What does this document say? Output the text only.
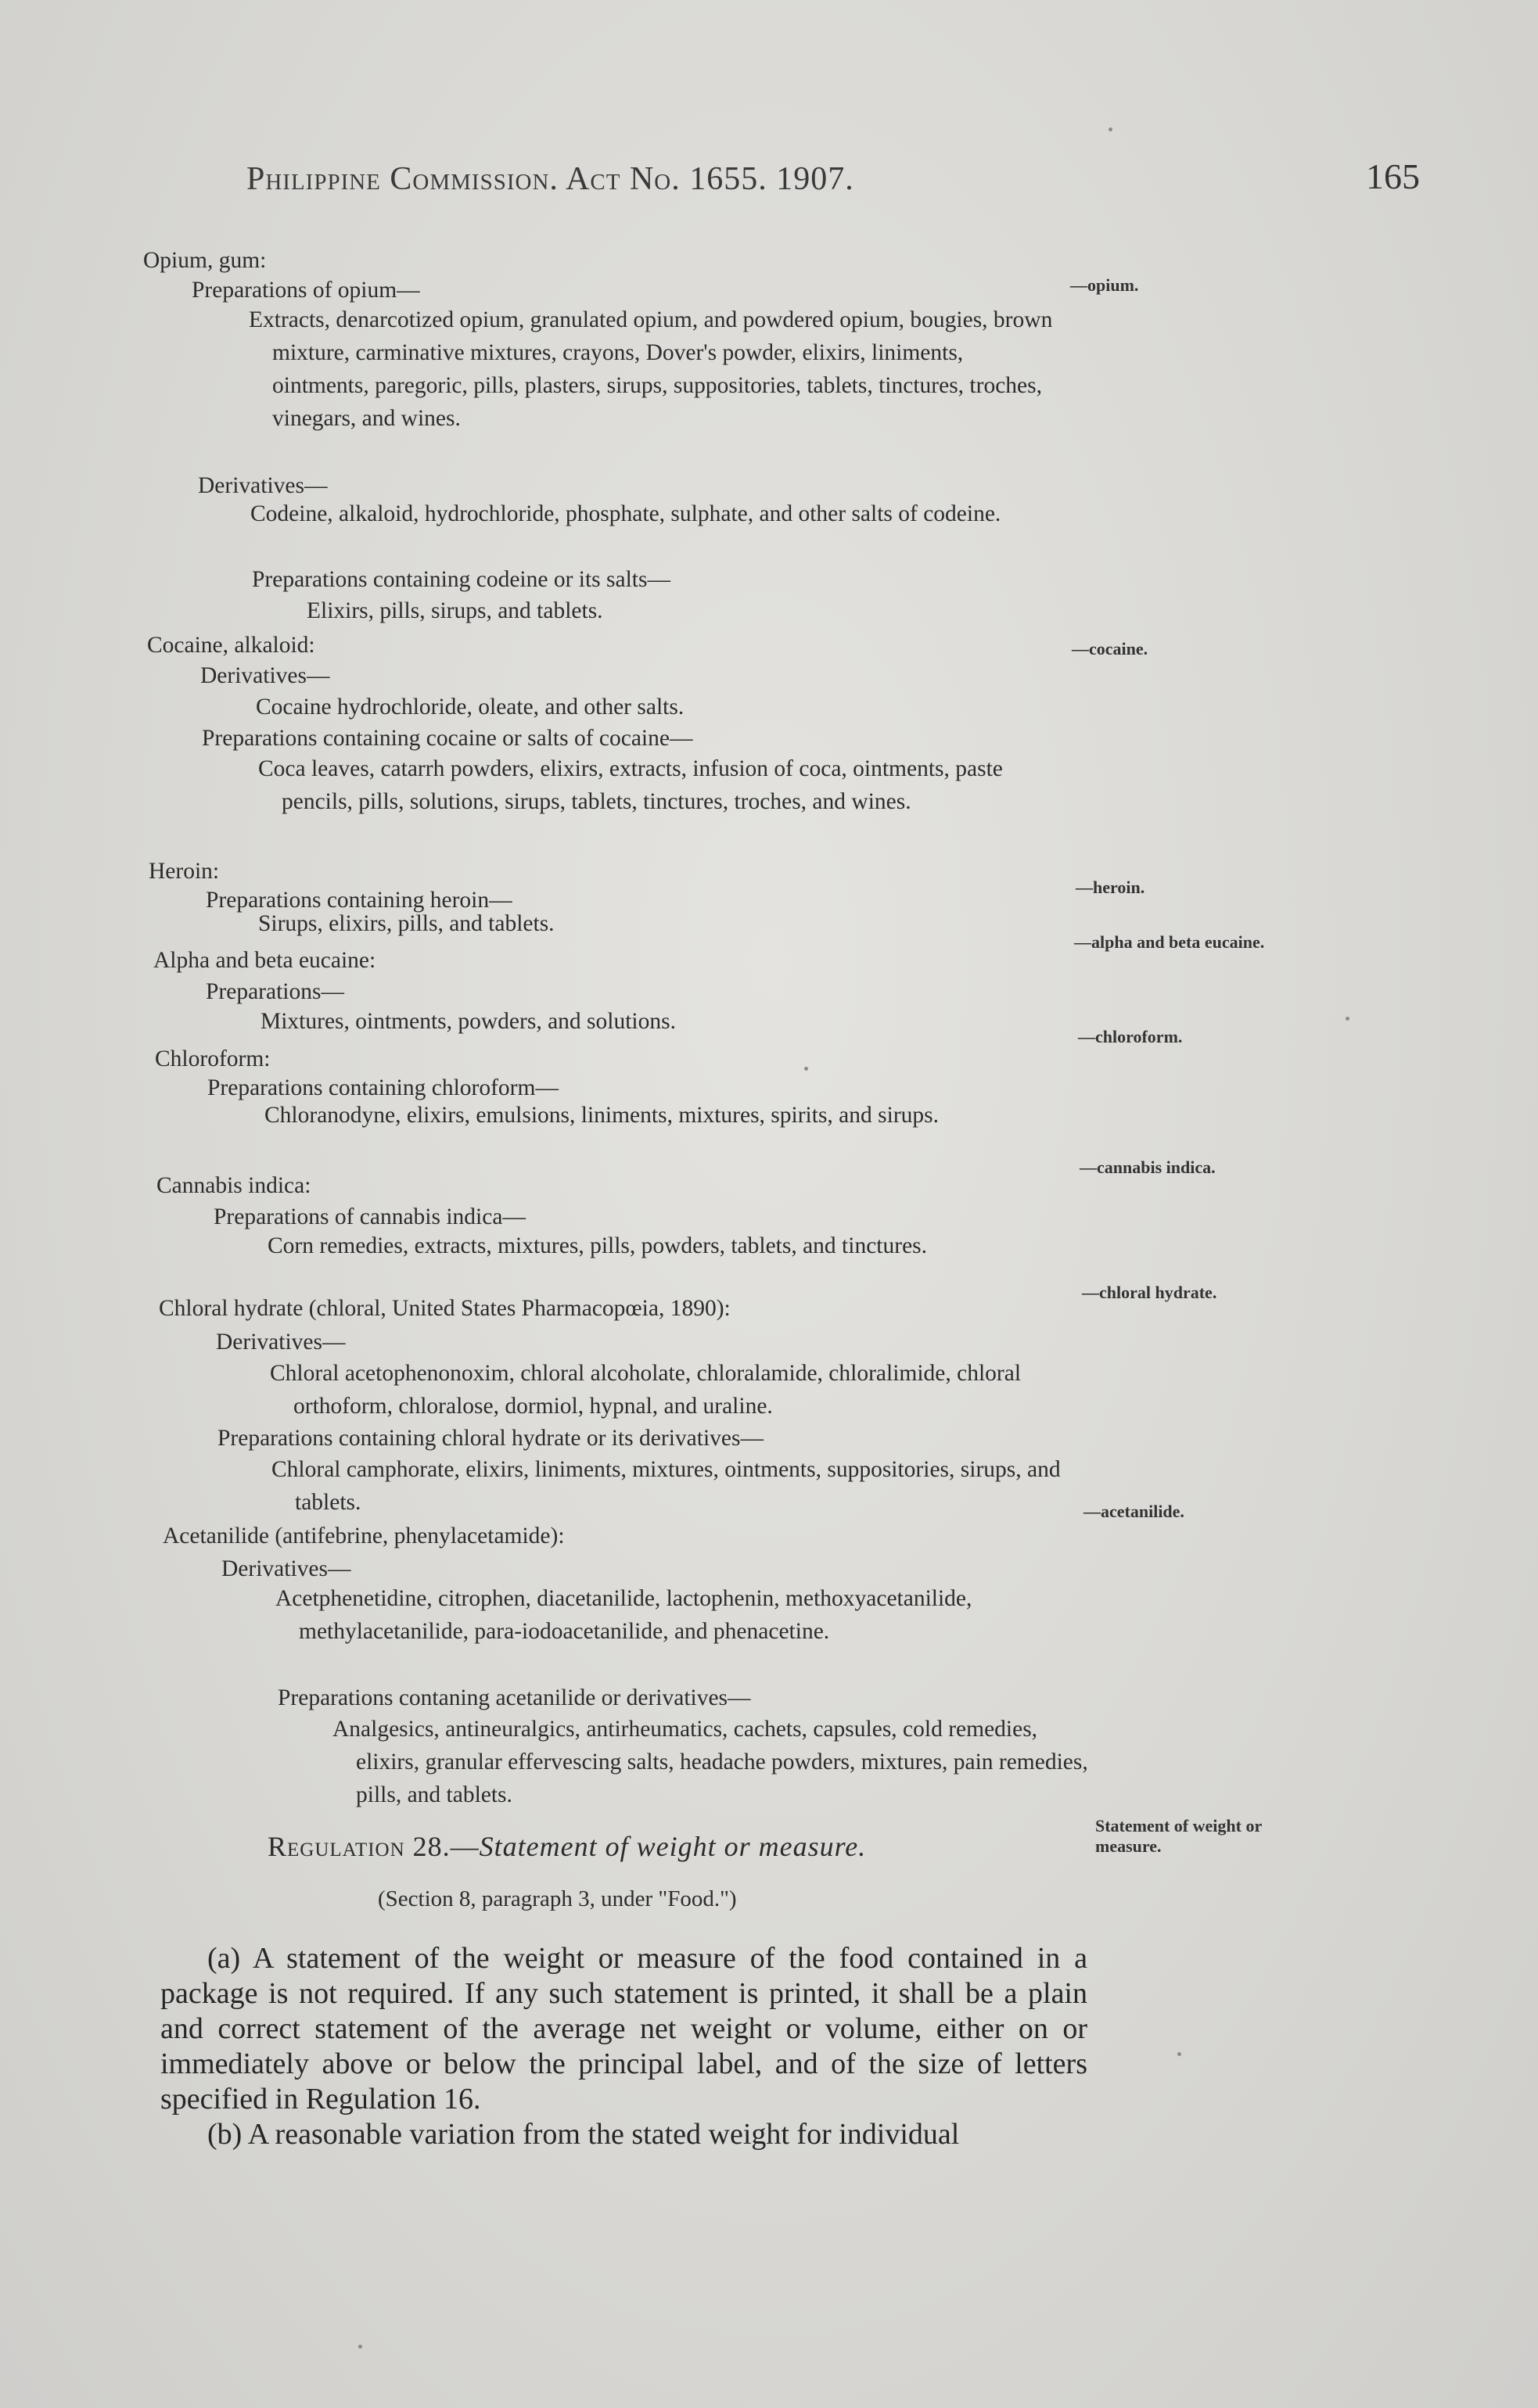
Philippine Commission. Act No. 1655. 1907.	165
Opium, gum:
Preparations of opium—
Extracts, denarcotized opium, granulated opium, and powdered opium, bougies, brown mixture, carminative mixtures, crayons, Dover's powder, elixirs, liniments, ointments, paregoric, pills, plasters, sirups, suppositories, tablets, tinctures, troches, vinegars, and wines.
Derivatives—
Codeine, alkaloid, hydrochloride, phosphate, sulphate, and other salts of codeine.
Preparations containing codeine or its salts—
Elixirs, pills, sirups, and tablets.
Cocaine, alkaloid:
Derivatives—
Cocaine hydrochloride, oleate, and other salts.
Preparations containing cocaine or salts of cocaine—
Coca leaves, catarrh powders, elixirs, extracts, infusion of coca, ointments, paste pencils, pills, solutions, sirups, tablets, tinctures, troches, and wines.
Heroin:
Preparations containing heroin—
Sirups, elixirs, pills, and tablets.
Alpha and beta eucaine:
Preparations—
Mixtures, ointments, powders, and solutions.
Chloroform:
Preparations containing chloroform—
Chloranodyne, elixirs, emulsions, liniments, mixtures, spirits, and sirups.
Cannabis indica:
Preparations of cannabis indica—
Corn remedies, extracts, mixtures, pills, powders, tablets, and tinctures.
Chloral hydrate (chloral, United States Pharmacopœia, 1890):
Derivatives—
Chloral acetophenonoxim, chloral alcoholate, chloralamide, chloralimide, chloral orthoform, chloralose, dormiol, hypnal, and uraline.
Preparations containing chloral hydrate or its derivatives—
Chloral camphorate, elixirs, liniments, mixtures, ointments, suppositories, sirups, and tablets.
Acetanilide (antifebrine, phenylacetamide):
Derivatives—
Acetphenetidine, citrophen, diacetanilide, lactophenin, methoxyacetanilide, methylacetanilide, para-iodoacetanilide, and phenacetine.
Preparations contaning acetanilide or derivatives—
Analgesics, antineuralgics, antirheumatics, cachets, capsules, cold remedies, elixirs, granular effervescing salts, headache powders, mixtures, pain remedies, pills, and tablets.
—opium.
—cocaine.
—heroin.
—alpha and beta eucaine.
—chloroform.
—cannabis indica.
—chloral hydrate.
—acetanilide.
Statement of weight or measure.
Regulation 28.—Statement of weight or measure.
(Section 8, paragraph 3, under "Food.")
(a) A statement of the weight or measure of the food contained in a package is not required. If any such statement is printed, it shall be a plain and correct statement of the average net weight or volume, either on or immediately above or below the principal label, and of the size of letters specified in Regulation 16.
(b) A reasonable variation from the stated weight for individual
